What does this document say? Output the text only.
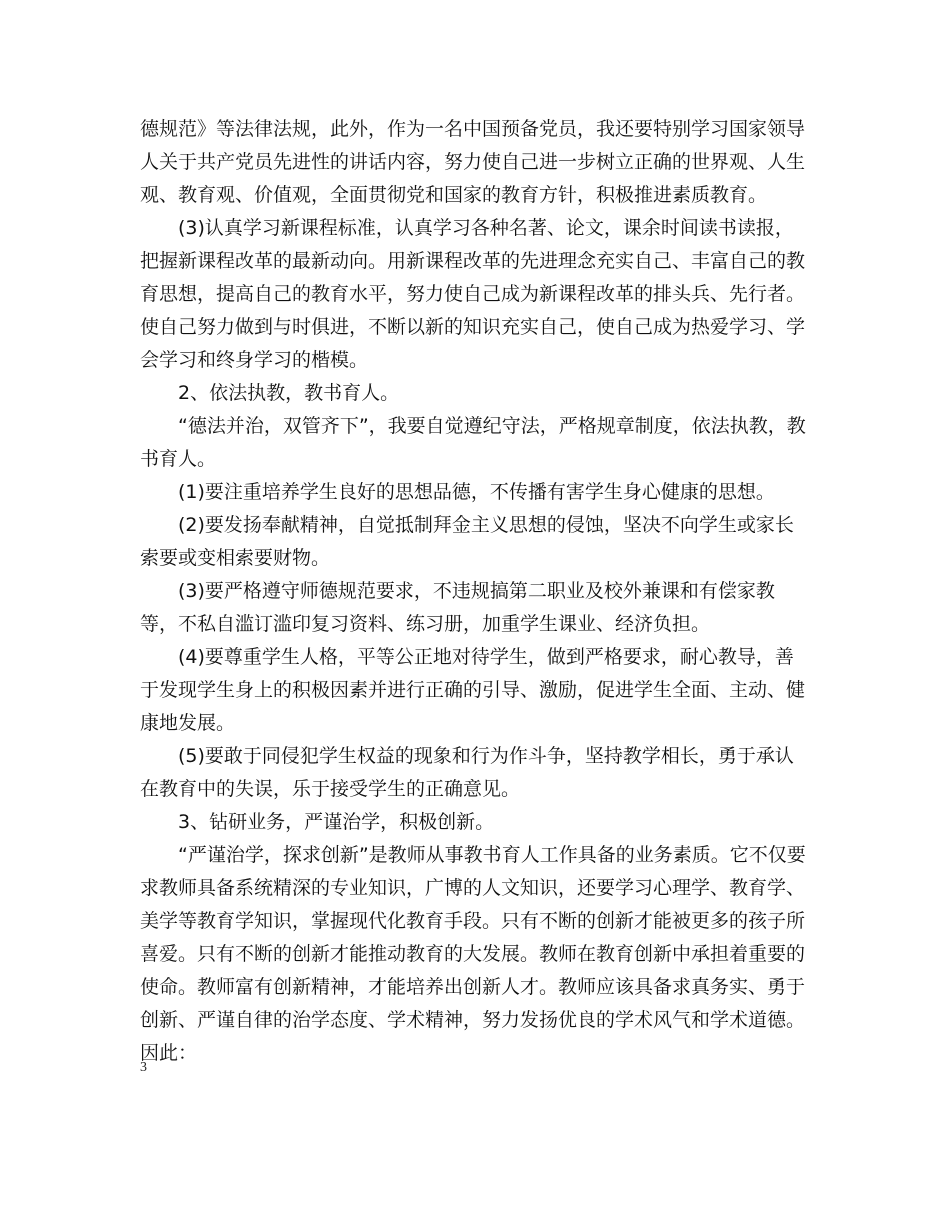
德规范》等法律法规，此外，作为一名中国预备党员，我还要特别学习国家领导人关于共产党员先进性的讲话内容，努力使自己进一步树立正确的世界观、人生观、教育观、价值观，全面贯彻党和国家的教育方针，积极推进素质教育。

(3)认真学习新课程标准，认真学习各种名著、论文，课余时间读书读报，把握新课程改革的最新动向。用新课程改革的先进理念充实自己、丰富自己的教育思想，提高自己的教育水平，努力使自己成为新课程改革的排头兵、先行者。使自己努力做到与时俱进，不断以新的知识充实自己，使自己成为热爱学习、学会学习和终身学习的楷模。

2、依法执教，教书育人。

“德法并治，双管齐下”，我要自觉遵纪守法，严格规章制度，依法执教，教书育人。

(1)要注重培养学生良好的思想品德，不传播有害学生身心健康的思想。

(2)要发扬奉献精神，自觉抵制拜金主义思想的侵蚀，坚决不向学生或家长索要或变相索要财物。

(3)要严格遵守师德规范要求，不违规搞第二职业及校外兼课和有偿家教等，不私自滥订滥印复习资料、练习册，加重学生课业、经济负担。

(4)要尊重学生人格，平等公正地对待学生，做到严格要求，耐心教导，善于发现学生身上的积极因素并进行正确的引导、激励，促进学生全面、主动、健康地发展。

(5)要敢于同侵犯学生权益的现象和行为作斗争，坚持教学相长，勇于承认在教育中的失误，乐于接受学生的正确意见。

3、钻研业务，严谨治学，积极创新。

“严谨治学，探求创新”是教师从事教书育人工作具备的业务素质。它不仅要求教师具备系统精深的专业知识，广博的人文知识，还要学习心理学、教育学、美学等教育学知识，掌握现代化教育手段。只有不断的创新才能被更多的孩子所喜爱。只有不断的创新才能推动教育的大发展。教师在教育创新中承担着重要的使命。教师富有创新精神，才能培养出创新人才。教师应该具备求真务实、勇于创新、严谨自律的治学态度、学术精神，努力发扬优良的学术风气和学术道德。因此：

3
